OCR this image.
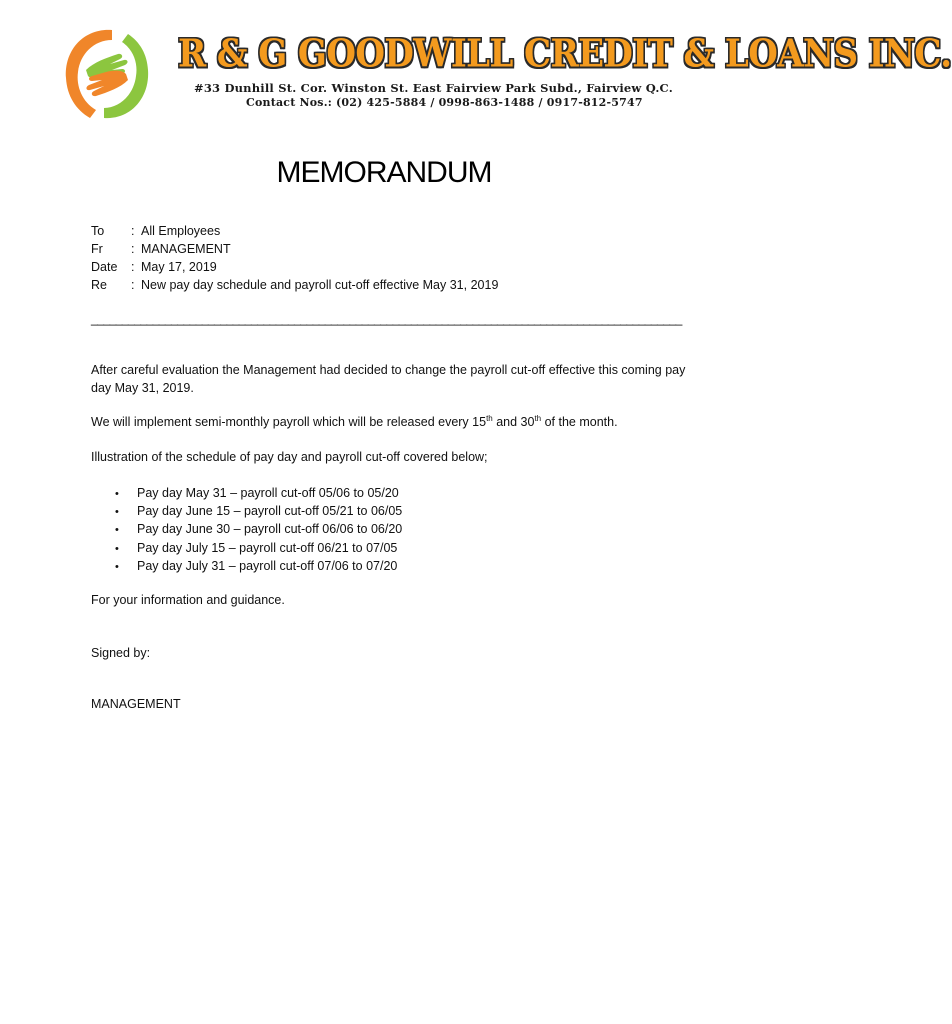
R & G GOODWILL CREDIT & LOANS INC.
#33 Dunhill St. Cor. Winston St. East Fairview Park Subd., Fairview Q.C.
Contact Nos.: (02) 425-5884 / 0998-863-1488 / 0917-812-5747
MEMORANDUM
To : All Employees
Fr : MANAGEMENT
Date : May 17, 2019
Re : New pay day schedule and payroll cut-off effective May 31, 2019
________________________________________________________________________________________________
After careful evaluation the Management had decided to change the payroll cut-off effective this coming pay day May 31, 2019.
We will implement semi-monthly payroll which will be released every 15th and 30th of the month.
Illustration of the schedule of pay day and payroll cut-off covered below;
• Pay day May 31 – payroll cut-off 05/06 to 05/20
• Pay day June 15 – payroll cut-off 05/21 to 06/05
• Pay day June 30 – payroll cut-off 06/06 to 06/20
• Pay day July 15 – payroll cut-off 06/21 to 07/05
• Pay day July 31 – payroll cut-off 07/06 to 07/20
For your information and guidance.
Signed by:
MANAGEMENT
